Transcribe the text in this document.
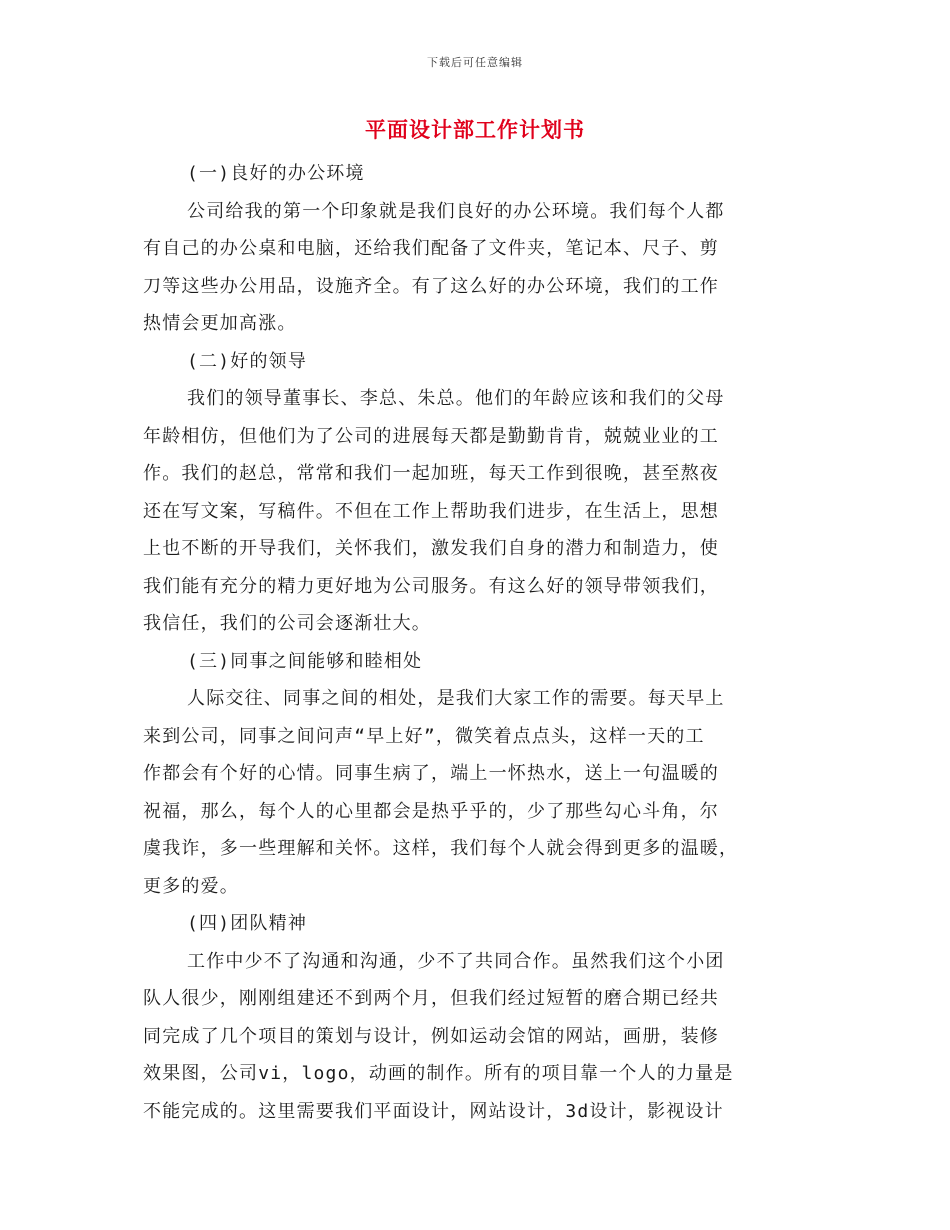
下载后可任意编辑
平面设计部工作计划书
(一)良好的办公环境
公司给我的第一个印象就是我们良好的办公环境。我们每个人都
有自己的办公桌和电脑，还给我们配备了文件夹，笔记本、尺子、剪
刀等这些办公用品，设施齐全。有了这么好的办公环境，我们的工作
热情会更加高涨。
(二)好的领导
我们的领导董事长、李总、朱总。他们的年龄应该和我们的父母
年龄相仿，但他们为了公司的进展每天都是勤勤肯肯，兢兢业业的工
作。我们的赵总，常常和我们一起加班，每天工作到很晚，甚至熬夜
还在写文案，写稿件。不但在工作上帮助我们进步，在生活上，思想
上也不断的开导我们，关怀我们，激发我们自身的潜力和制造力，使
我们能有充分的精力更好地为公司服务。有这么好的领导带领我们，
我信任，我们的公司会逐渐壮大。
(三)同事之间能够和睦相处
人际交往、同事之间的相处，是我们大家工作的需要。每天早上
来到公司，同事之间问声“早上好”，微笑着点点头，这样一天的工
作都会有个好的心情。同事生病了，端上一怀热水，送上一句温暖的
祝福，那么，每个人的心里都会是热乎乎的，少了那些勾心斗角，尔
虞我诈，多一些理解和关怀。这样，我们每个人就会得到更多的温暖，
更多的爱。
(四)团队精神
工作中少不了沟通和沟通，少不了共同合作。虽然我们这个小团
队人很少，刚刚组建还不到两个月，但我们经过短暂的磨合期已经共
同完成了几个项目的策划与设计，例如运动会馆的网站，画册，装修
效果图，公司vi，logo，动画的制作。所有的项目靠一个人的力量是
不能完成的。这里需要我们平面设计，网站设计，3d设计，影视设计
